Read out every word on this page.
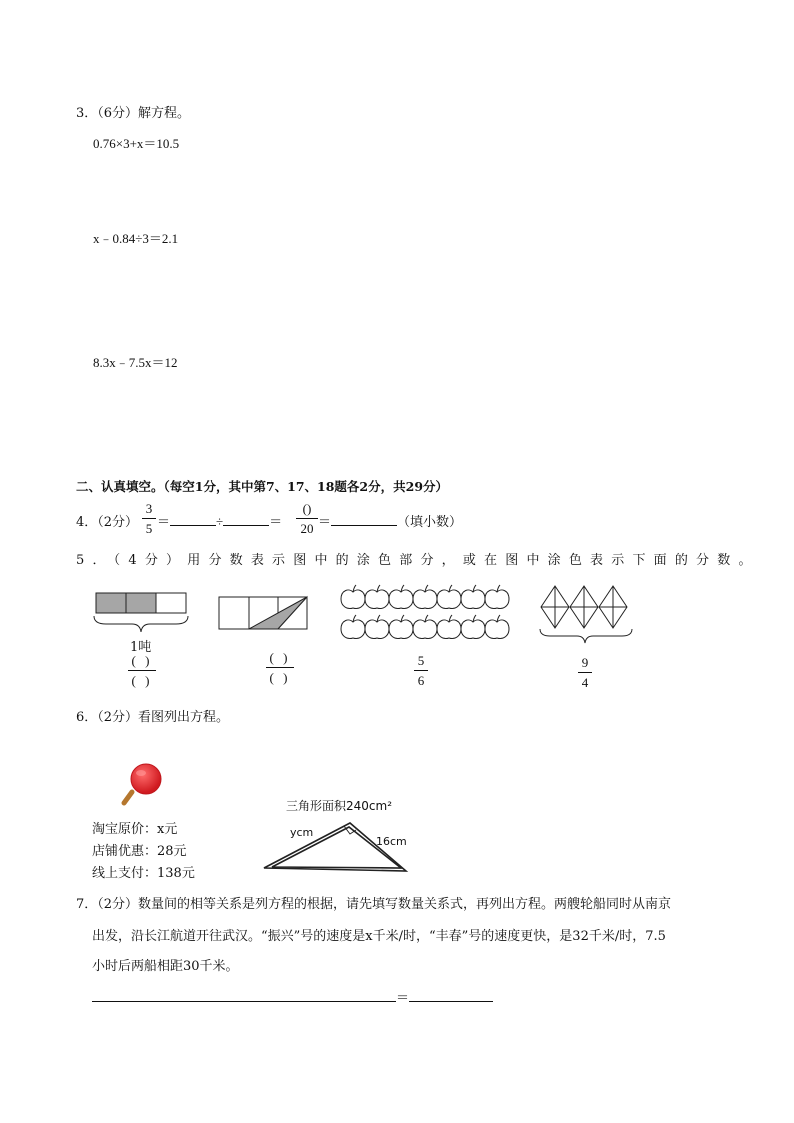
3．（6分）解方程。
0.76×3+x＝10.5
x﹣0.84÷3＝2.1
8.3x﹣7.5x＝12
二、认真填空。（每空1分，其中第7、17、18题各2分，共29分）
4．（2分）
3
5 ＝	÷	＝
()
20 ＝	（填小数）
5．（4分）用分数表示图中的涂色部分，或在图中涂色表示下面的分数。
1吨
( )
( )
( )
( )
5
6
9
4
6．（2分）看图列出方程。
淘宝原价：x元
店铺优惠：28元
线上支付：138元
三角形面积240cm²
ycm
16cm
7．（2分）数量间的相等关系是列方程的根据，请先填写数量关系式，再列出方程。两艘轮船同时从南京
出发，沿长江航道开往武汉。“振兴”号的速度是x千米/时，“丰春”号的速度更快，是32千米/时，7.5
小时后两船相距30千米。
＝
